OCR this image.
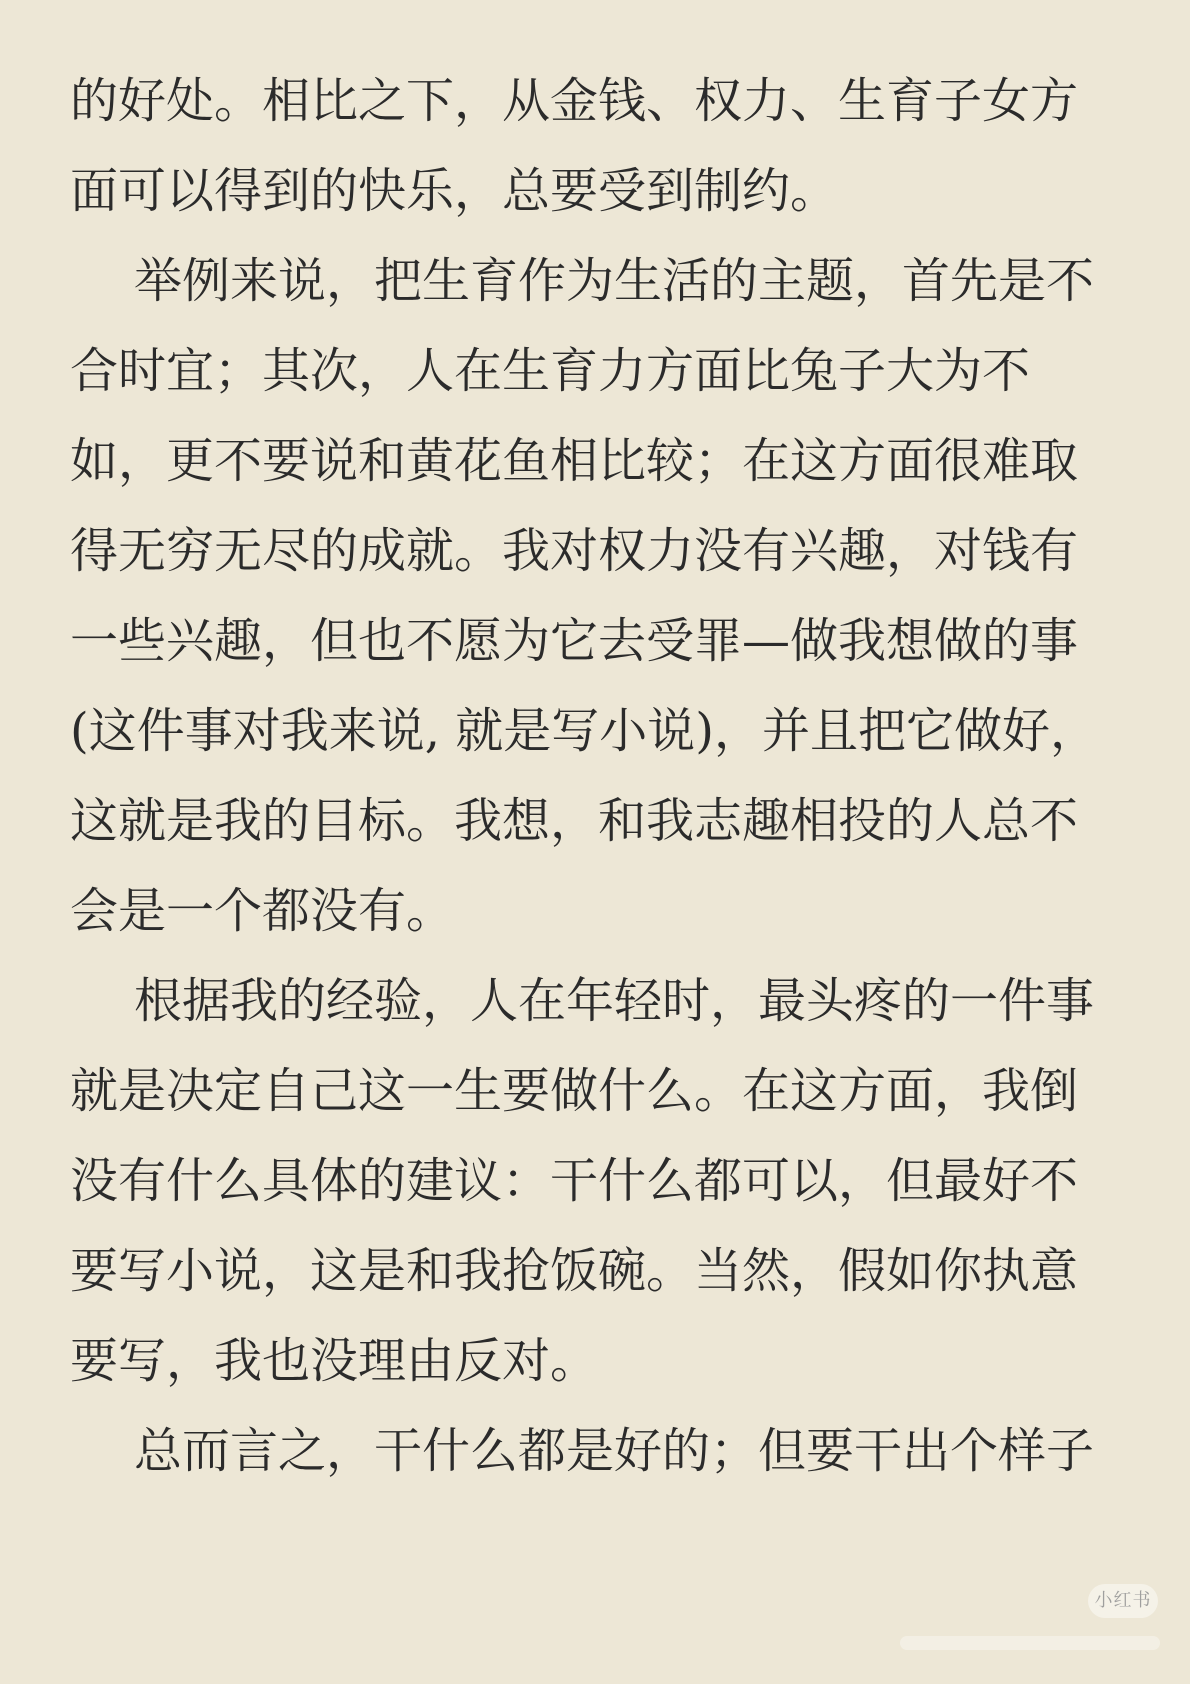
的好处。相比之下，从金钱、权力、生育子女方
面可以得到的快乐，总要受到制约。
举例来说，把生育作为生活的主题，首先是不
合时宜；其次，人在生育力方面比兔子大为不
如，更不要说和黄花鱼相比较；在这方面很难取
得无穷无尽的成就。我对权力没有兴趣，对钱有
一些兴趣，但也不愿为它去受罪—做我想做的事
(这件事对我来说, 就是写小说)，并且把它做好，
这就是我的目标。我想，和我志趣相投的人总不
会是一个都没有。
根据我的经验，人在年轻时，最头疼的一件事
就是决定自己这一生要做什么。在这方面，我倒
没有什么具体的建议：干什么都可以，但最好不
要写小说，这是和我抢饭碗。当然，假如你执意
要写，我也没理由反对。
总而言之，干什么都是好的；但要干出个样子
小红书
